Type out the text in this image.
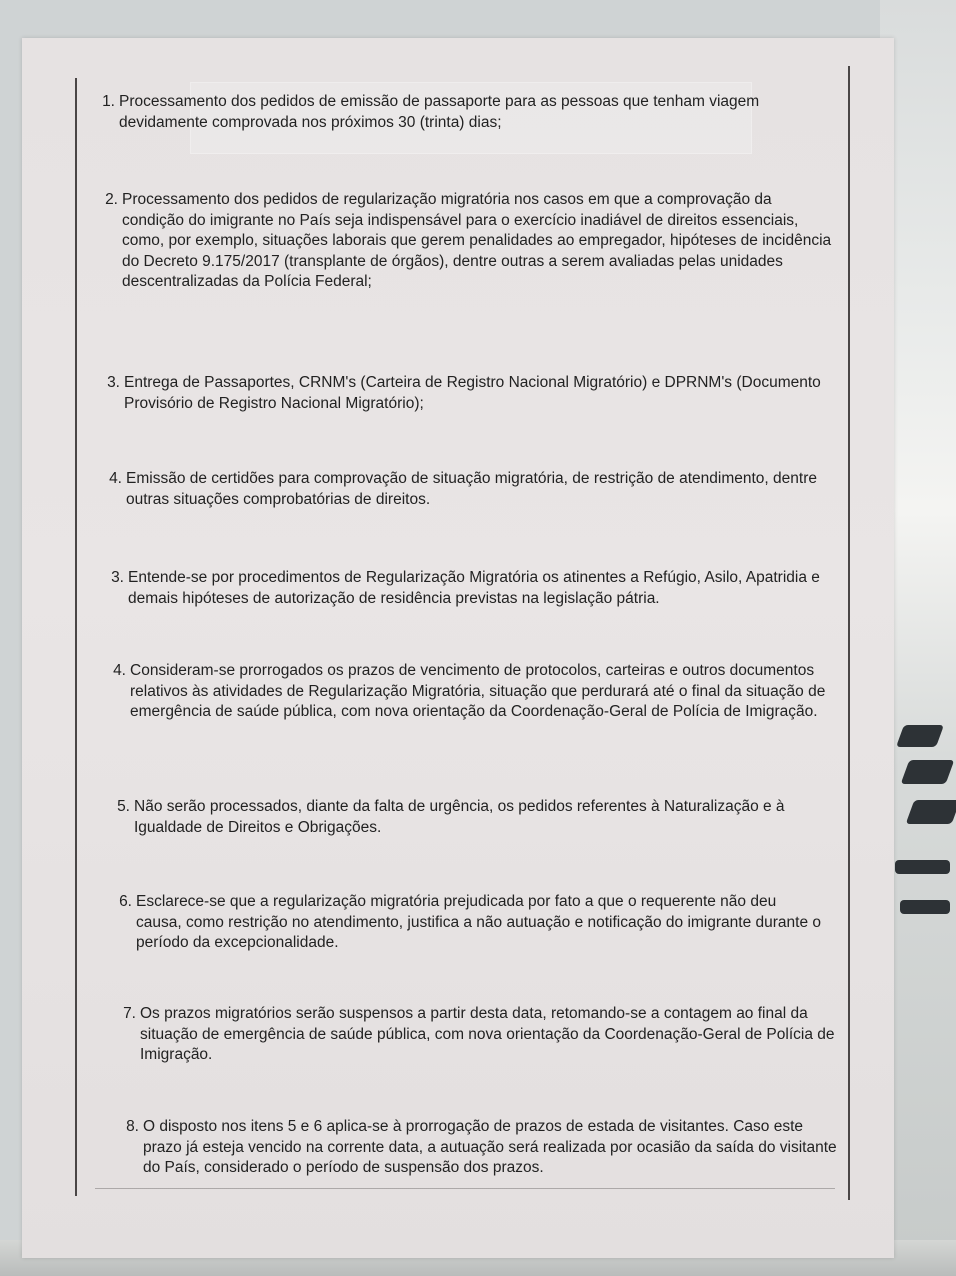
1. Processamento dos pedidos de emissão de passaporte para as pessoas que tenham viagem devidamente comprovada nos próximos 30 (trinta) dias;
2. Processamento dos pedidos de regularização migratória nos casos em que a comprovação da condição do imigrante no País seja indispensável para o exercício inadiável de direitos essenciais, como, por exemplo, situações laborais que gerem penalidades ao empregador, hipóteses de incidência do Decreto 9.175/2017 (transplante de órgãos), dentre outras a serem avaliadas pelas unidades descentralizadas da Polícia Federal;
3. Entrega de Passaportes, CRNM's (Carteira de Registro Nacional Migratório) e DPRNM's (Documento Provisório de Registro Nacional Migratório);
4. Emissão de certidões para comprovação de situação migratória, de restrição de atendimento, dentre outras situações comprobatórias de direitos.
3. Entende-se por procedimentos de Regularização Migratória os atinentes a Refúgio, Asilo, Apatridia e demais hipóteses de autorização de residência previstas na legislação pátria.
4. Consideram-se prorrogados os prazos de vencimento de protocolos, carteiras e outros documentos relativos às atividades de Regularização Migratória, situação que perdurará até o final da situação de emergência de saúde pública, com nova orientação da Coordenação-Geral de Polícia de Imigração.
5. Não serão processados, diante da falta de urgência, os pedidos referentes à Naturalização e à Igualdade de Direitos e Obrigações.
6. Esclarece-se que a regularização migratória prejudicada por fato a que o requerente não deu causa, como restrição no atendimento, justifica a não autuação e notificação do imigrante durante o período da excepcionalidade.
7. Os prazos migratórios serão suspensos a partir desta data, retomando-se a contagem ao final da situação de emergência de saúde pública, com nova orientação da Coordenação-Geral de Polícia de Imigração.
8. O disposto nos itens 5 e 6 aplica-se à prorrogação de prazos de estada de visitantes. Caso este prazo já esteja vencido na corrente data, a autuação será realizada por ocasião da saída do visitante do País, considerado o período de suspensão dos prazos.
